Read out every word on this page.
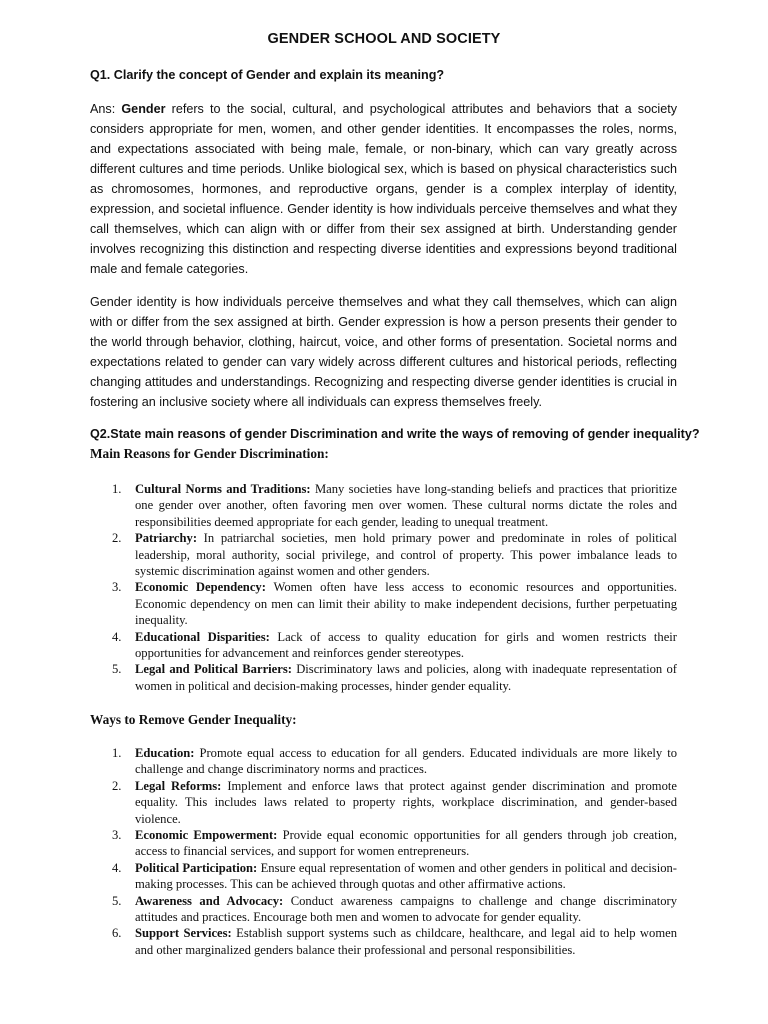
GENDER SCHOOL AND SOCIETY
Q1. Clarify the concept of Gender and explain its meaning?

Ans: Gender refers to the social, cultural, and psychological attributes and behaviors that a society considers appropriate for men, women, and other gender identities. It encompasses the roles, norms, and expectations associated with being male, female, or non-binary, which can vary greatly across different cultures and time periods. Unlike biological sex, which is based on physical characteristics such as chromosomes, hormones, and reproductive organs, gender is a complex interplay of identity, expression, and societal influence. Gender identity is how individuals perceive themselves and what they call themselves, which can align with or differ from their sex assigned at birth. Understanding gender involves recognizing this distinction and respecting diverse identities and expressions beyond traditional male and female categories.

Gender identity is how individuals perceive themselves and what they call themselves, which can align with or differ from the sex assigned at birth. Gender expression is how a person presents their gender to the world through behavior, clothing, haircut, voice, and other forms of presentation. Societal norms and expectations related to gender can vary widely across different cultures and historical periods, reflecting changing attitudes and understandings. Recognizing and respecting diverse gender identities is crucial in fostering an inclusive society where all individuals can express themselves freely.

Q2.State main reasons of gender Discrimination and write the ways of removing of gender inequality?
Main Reasons for Gender Discrimination:
1. Cultural Norms and Traditions: Many societies have long-standing beliefs and practices that prioritize one gender over another, often favoring men over women. These cultural norms dictate the roles and responsibilities deemed appropriate for each gender, leading to unequal treatment.
2. Patriarchy: In patriarchal societies, men hold primary power and predominate in roles of political leadership, moral authority, social privilege, and control of property. This power imbalance leads to systemic discrimination against women and other genders.
3. Economic Dependency: Women often have less access to economic resources and opportunities. Economic dependency on men can limit their ability to make independent decisions, further perpetuating inequality.
4. Educational Disparities: Lack of access to quality education for girls and women restricts their opportunities for advancement and reinforces gender stereotypes.
5. Legal and Political Barriers: Discriminatory laws and policies, along with inadequate representation of women in political and decision-making processes, hinder gender equality.
Ways to Remove Gender Inequality:
1. Education: Promote equal access to education for all genders. Educated individuals are more likely to challenge and change discriminatory norms and practices.
2. Legal Reforms: Implement and enforce laws that protect against gender discrimination and promote equality. This includes laws related to property rights, workplace discrimination, and gender-based violence.
3. Economic Empowerment: Provide equal economic opportunities for all genders through job creation, access to financial services, and support for women entrepreneurs.
4. Political Participation: Ensure equal representation of women and other genders in political and decision-making processes. This can be achieved through quotas and other affirmative actions.
5. Awareness and Advocacy: Conduct awareness campaigns to challenge and change discriminatory attitudes and practices. Encourage both men and women to advocate for gender equality.
6. Support Services: Establish support systems such as childcare, healthcare, and legal aid to help women and other marginalized genders balance their professional and personal responsibilities.
